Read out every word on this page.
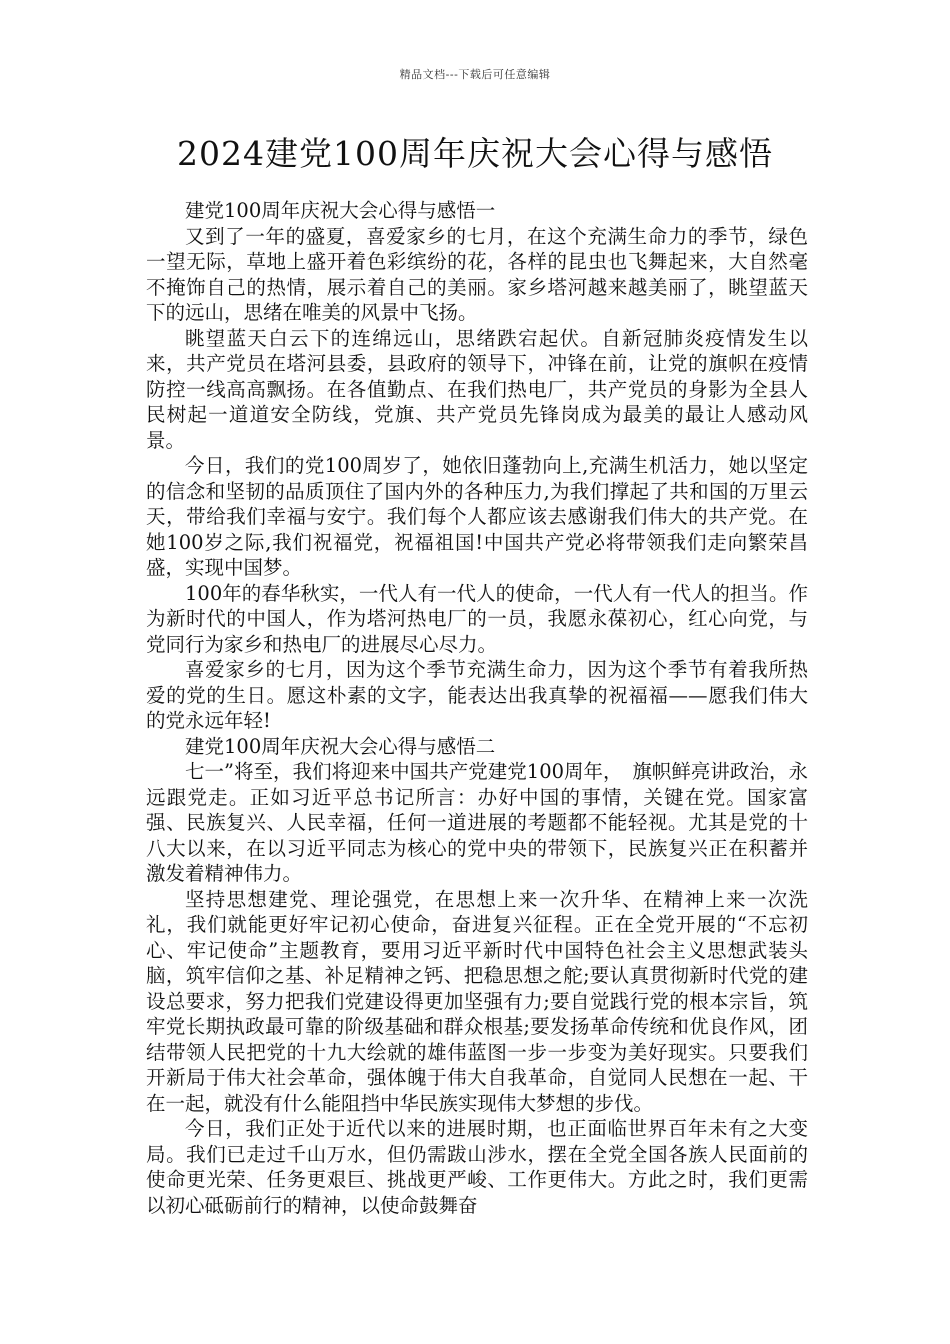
精品文档---下载后可任意编辑
2024建党100周年庆祝大会心得与感悟

建党100周年庆祝大会心得与感悟一

又到了一年的盛夏，喜爱家乡的七月，在这个充满生命力的季节，绿色一望无际，草地上盛开着色彩缤纷的花，各样的昆虫也飞舞起来，大自然毫不掩饰自己的热情，展示着自己的美丽。家乡塔河越来越美丽了，眺望蓝天下的远山，思绪在唯美的风景中飞扬。

眺望蓝天白云下的连绵远山，思绪跌宕起伏。自新冠肺炎疫情发生以来，共产党员在塔河县委，县政府的领导下，冲锋在前，让党的旗帜在疫情防控一线高高飘扬。在各值勤点、在我们热电厂，共产党员的身影为全县人民树起一道道安全防线，党旗、共产党员先锋岗成为最美的最让人感动风景。

今日，我们的党100周岁了，她依旧蓬勃向上,充满生机活力，她以坚定的信念和坚韧的品质顶住了国内外的各种压力,为我们撑起了共和国的万里云天，带给我们幸福与安宁。我们每个人都应该去感谢我们伟大的共产党。在她100岁之际,我们祝福党，祝福祖国!中国共产党必将带领我们走向繁荣昌盛，实现中国梦。

100年的春华秋实，一代人有一代人的使命，一代人有一代人的担当。作为新时代的中国人，作为塔河热电厂的一员，我愿永葆初心，红心向党，与党同行为家乡和热电厂的进展尽心尽力。

喜爱家乡的七月，因为这个季节充满生命力，因为这个季节有着我所热爱的党的生日。愿这朴素的文字，能表达出我真挚的祝福福——愿我们伟大的党永远年轻!

建党100周年庆祝大会心得与感悟二

七一”将至，我们将迎来中国共产党建党100周年，　旗帜鲜亮讲政治，永远跟党走。正如习近平总书记所言：办好中国的事情，关键在党。国家富强、民族复兴、人民幸福，任何一道进展的考题都不能轻视。尤其是党的十八大以来，在以习近平同志为核心的党中央的带领下，民族复兴正在积蓄并激发着精神伟力。

坚持思想建党、理论强党，在思想上来一次升华、在精神上来一次洗礼，我们就能更好牢记初心使命，奋进复兴征程。正在全党开展的“不忘初心、牢记使命”主题教育，要用习近平新时代中国特色社会主义思想武装头脑，筑牢信仰之基、补足精神之钙、把稳思想之舵;要认真贯彻新时代党的建设总要求，努力把我们党建设得更加坚强有力;要自觉践行党的根本宗旨，筑牢党长期执政最可靠的阶级基础和群众根基;要发扬革命传统和优良作风，团结带领人民把党的十九大绘就的雄伟蓝图一步一步变为美好现实。只要我们开新局于伟大社会革命，强体魄于伟大自我革命，自觉同人民想在一起、干在一起，就没有什么能阻挡中华民族实现伟大梦想的步伐。

今日，我们正处于近代以来的进展时期，也正面临世界百年未有之大变局。我们已走过千山万水，但仍需跋山涉水，摆在全党全国各族人民面前的使命更光荣、任务更艰巨、挑战更严峻、工作更伟大。方此之时，我们更需以初心砥砺前行的精神，以使命鼓舞奋
